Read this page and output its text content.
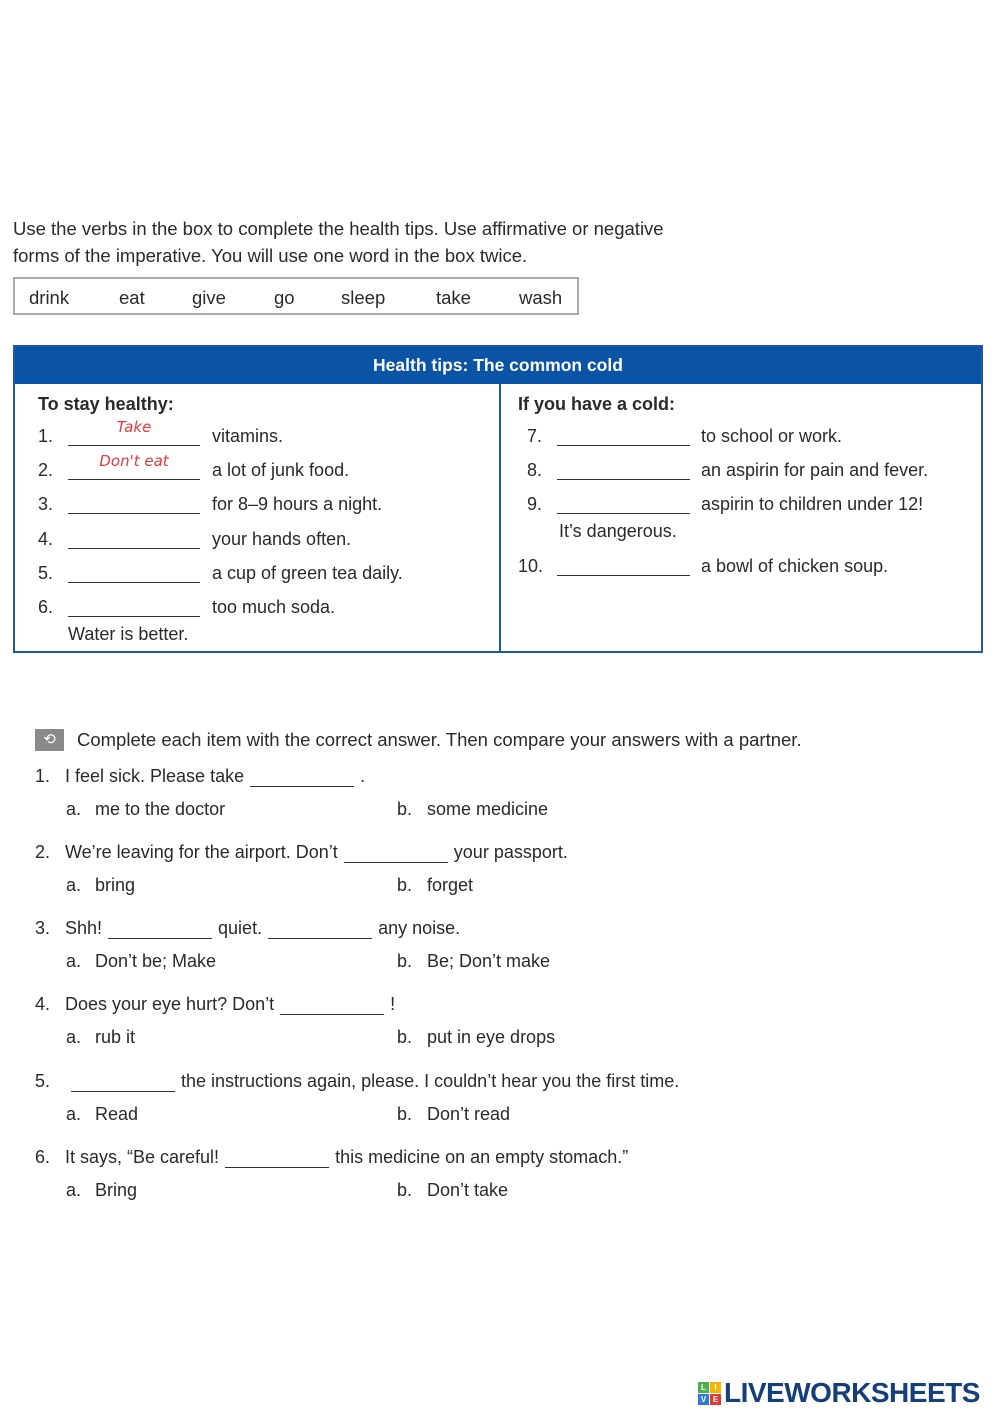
Use the verbs in the box to complete the health tips. Use affirmative or negative
forms of the imperative. You will use one word in the box twice.
drink	eat	give	go	sleep	take	wash
Health tips: The common cold
To stay healthy:	If you have a cold:
1.	Take	vitamins.
2.	Don't eat	a lot of junk food.
3.	for 8–9 hours a night.
4.	your hands often.
5.	a cup of green tea daily.
6.	too much soda.
Water is better.
7.	to school or work.
8.	an aspirin for pain and fever.
9.	aspirin to children under 12!
It’s dangerous.
10.	a bowl of chicken soup.
⟲	Complete each item with the correct answer. Then compare your answers with a partner.
1. I feel sick. Please take	.
a. me to the doctor	b. some medicine
2. We’re leaving for the airport. Don’t	your passport.
a. bring	b. forget
3. Shh!	quiet.	any noise.
a. Don’t be; Make	b. Be; Don’t make
4. Does your eye hurt? Don’t	!
a. rub it	b. put in eye drops
5.	the instructions again, please. I couldn’t hear you the first time.
a. Read	b. Don’t read
6. It says, “Be careful!	this medicine on an empty stomach.”
a. Bring	b. Don’t take
L	I
V E LIVEWORKSHEETS
